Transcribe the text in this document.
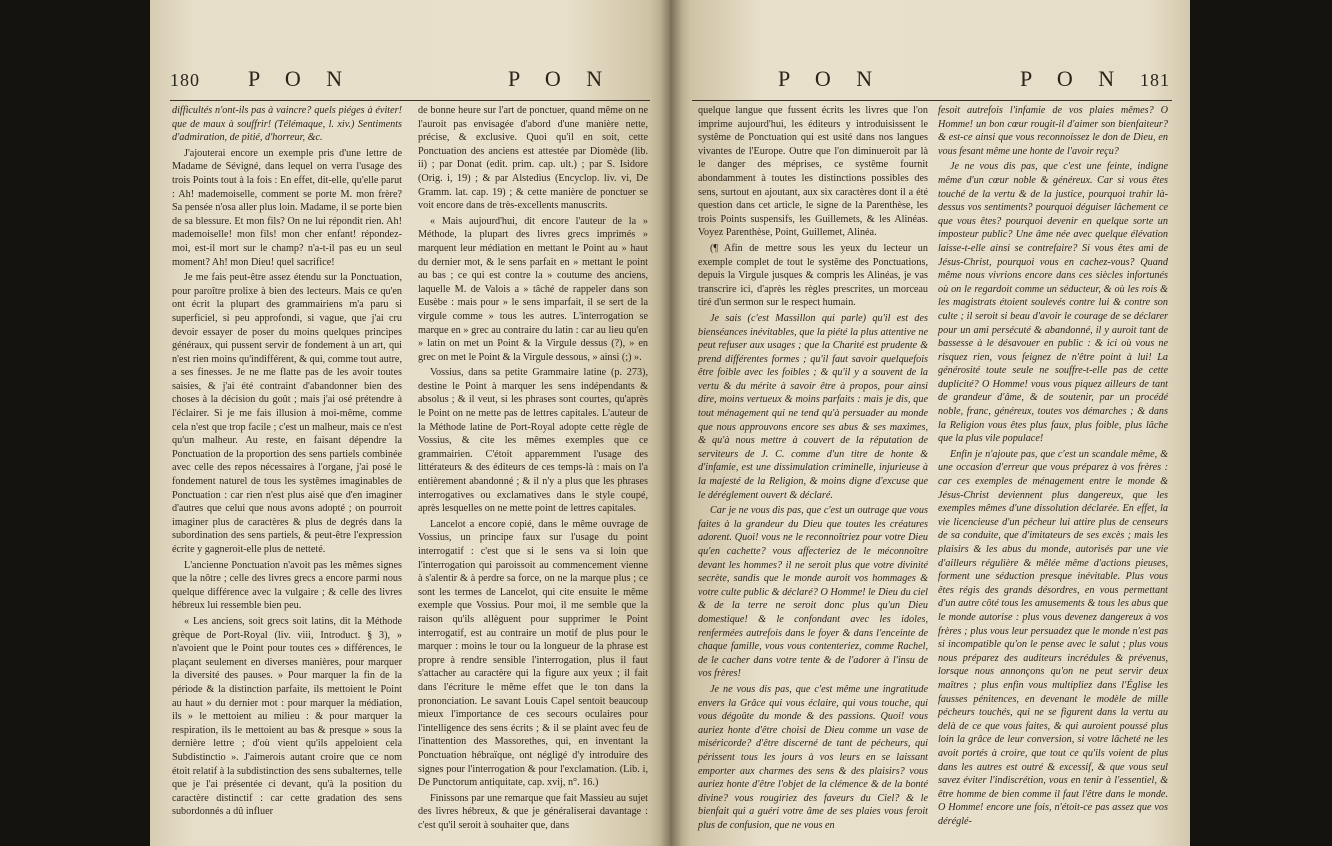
180 P O N	P O N

difficultés n'ont-ils pas à vaincre? quels piéges à éviter! que de maux à souffrir! (Télémaque, l. xiv.) Sentiments d'admiration, de pitié, d'horreur, &c.

J'ajouterai encore un exemple pris d'une lettre de Madame de Sévigné, dans lequel on verra l'usage des trois Points tout à la fois : En effet, dit-elle, qu'elle parut : Ah! mademoiselle, comment se porte M. mon frère? Sa pensée n'osa aller plus loin. Madame, il se porte bien de sa blessure. Et mon fils? On ne lui répondit rien. Ah! mademoiselle! mon fils! mon cher enfant! répondez-moi, est-il mort sur le champ? n'a-t-il pas eu un seul moment? Ah! mon Dieu! quel sacrifice!

Je me fais peut-être assez étendu sur la Ponctuation, pour paroître prolixe à bien des lecteurs. Mais ce qu'en ont écrit la plupart des grammairiens m'a paru si superficiel, si peu approfondi, si vague, que j'ai cru devoir essayer de poser du moins quelques principes généraux, qui pussent servir de fondement à un art, qui n'est rien moins qu'indifférent, & qui, comme tout autre, a ses finesses. Je ne me flatte pas de les avoir toutes saisies, & j'ai été contraint d'abandonner bien des choses à la décision du goût ; mais j'ai osé prétendre à l'éclairer. Si je me fais illusion à moi-même, comme cela n'est que trop facile ; c'est un malheur, mais ce n'est qu'un malheur. Au reste, en faisant dépendre la Ponctuation de la proportion des sens partiels combinée avec celle des repos nécessaires à l'organe, j'ai posé le fondement naturel de tous les systêmes imaginables de Ponctuation : car rien n'est plus aisé que d'en imaginer d'autres que celui que nous avons adopté ; on pourroit imaginer plus de caractères & plus de degrés dans la subordination des sens partiels, & peut-être l'expression écrite y gagneroit-elle plus de netteté.

L'ancienne Ponctuation n'avoit pas les mêmes signes que la nôtre ; celle des livres grecs a encore parmi nous quelque différence avec la vulgaire ; & celle des livres hébreux lui ressemble bien peu.

« Les anciens, soit grecs soit latins, dit la Méthode grèque de Port-Royal (liv. viii, Introduct. § 3), » n'avoient que le Point pour toutes ces » différences, le plaçant seulement en diverses manières, pour marquer la diversité des pauses. » Pour marquer la fin de la période & la distinction parfaite, ils mettoient le Point au haut » du dernier mot : pour marquer la médiation, ils » le mettoient au milieu : & pour marquer la respiration, ils le mettoient au bas & presque » sous la dernière lettre ; d'où vient qu'ils appeloient cela Subdistinctio ». J'aimerois autant croire que ce nom étoit relatif à la subdistinction des sens subalternes, telle que je l'ai présentée ci devant, qu'à la position du caractère distinctif : car cette gradation des sens subordonnés a dû influer

de bonne heure sur l'art de ponctuer, quand même on ne l'auroit pas envisagée d'abord d'une manière nette, précise, & exclusive. Quoi qu'il en soit, cette Ponctuation des anciens est attestée par Diomède (lib. ii) ; par Donat (edit. prim. cap. ult.) ; par S. Isidore (Orig. i, 19) ; & par Alstedius (Encyclop. liv. vi, De Gramm. lat. cap. 19) ; & cette manière de ponctuer se voit encore dans de très-excellents manuscrits.

« Mais aujourd'hui, dit encore l'auteur de la » Méthode, la plupart des livres grecs imprimés » marquent leur médiation en mettant le Point au » haut du dernier mot, & le sens parfait en » mettant le point au bas ; ce qui est contre la » coutume des anciens, laquelle M. de Valois a » tâché de rappeler dans son Eusèbe : mais pour » le sens imparfait, il se sert de la virgule comme » tous les autres. L'interrogation se marque en » grec au contraire du latin : car au lieu qu'en » latin on met un Point & la Virgule dessus (?), » en grec on met le Point & la Virgule dessous, » ainsi (;) ».

Vossius, dans sa petite Grammaire latine (p. 273), destine le Point à marquer les sens indépendants & absolus ; & il veut, si les phrases sont courtes, qu'après le Point on ne mette pas de lettres capitales. L'auteur de la Méthode latine de Port-Royal adopte cette règle de Vossius, & cite les mêmes exemples que ce grammairien. C'étoit apparemment l'usage des littérateurs & des éditeurs de ces temps-là : mais on l'a entièrement abandonné ; & il n'y a plus que les phrases interrogatives ou exclamatives dans le style coupé, après lesquelles on ne mette point de lettres capitales.

Lancelot a encore copié, dans le même ouvrage de Vossius, un principe faux sur l'usage du point interrogatif : c'est que si le sens va si loin que l'interrogation qui paroissoit au commencement vienne à s'alentir & à perdre sa force, on ne la marque plus ; ce sont les termes de Lancelot, qui cite ensuite le même exemple que Vossius. Pour moi, il me semble que la raison qu'ils allèguent pour supprimer le Point interrogatif, est au contraire un motif de plus pour le marquer : moins le tour ou la longueur de la phrase est propre à rendre sensible l'interrogation, plus il faut s'attacher au caractère qui la figure aux yeux ; il fait dans l'écriture le même effet que le ton dans la prononciation. Le savant Louis Capel sentoit beaucoup mieux l'importance de ces secours oculaires pour l'intelligence des sens écrits ; & il se plaint avec feu de l'inattention des Massorethes, qui, en inventant la Ponctuation hébraïque, ont négligé d'y introduire des signes pour l'interrogation & pour l'exclamation. (Lib. i, De Punctorum antiquitate, cap. xvij, n°. 16.)

Finissons par une remarque que fait Massieu au sujet des livres hébreux, & que je généraliserai davantage : c'est qu'il seroit à souhaiter que, dans

P O N	P O N 181

quelque langue que fussent écrits les livres que l'on imprime aujourd'hui, les éditeurs y introduisissent le systême de Ponctuation qui est usité dans nos langues vivantes de l'Europe. Outre que l'on diminueroit par là le danger des méprises, ce systême fournit abondamment à toutes les distinctions possibles des sens, surtout en ajoutant, aux six caractères dont il a été question dans cet article, le signe de la Parenthèse, les trois Points suspensifs, les Guillemets, & les Alinéas. Voyez Parenthèse, Point, Guillemet, Alinéa.

(¶ Afin de mettre sous les yeux du lecteur un exemple complet de tout le systême des Ponctuations, depuis la Virgule jusques & compris les Alinéas, je vas transcrire ici, d'après les règles prescrites, un morceau tiré d'un sermon sur le respect humain.

Je sais (c'est Massillon qui parle) qu'il est des bienséances inévitables, que la piété la plus attentive ne peut refuser aux usages ; que la Charité est prudente & prend différentes formes ; qu'il faut savoir quelquefois être foible avec les foibles ; & qu'il y a souvent de la vertu & du mérite à savoir être à propos, pour ainsi dire, moins vertueux & moins parfaits : mais je dis, que tout ménagement qui ne tend qu'à persuader au monde que nous approuvons encore ses abus & ses maximes, & qu'à nous mettre à couvert de la réputation de serviteurs de J. C. comme d'un titre de honte & d'infamie, est une dissimulation criminelle, injurieuse à la majesté de la Religion, & moins digne d'excuse que le déréglement ouvert & déclaré.

Car je ne vous dis pas, que c'est un outrage que vous faites à la grandeur du Dieu que toutes les créatures adorent. Quoi! vous ne le reconnoîtriez pour votre Dieu qu'en cachette? vous affecteriez de le méconnoître devant les hommes? il ne seroit plus que votre divinité secrète, sandis que le monde auroit vos hommages & votre culte public & déclaré? O Homme! le Dieu du ciel & de la terre ne seroit donc plus qu'un Dieu domestique! & le confondant avec les idoles, renfermées autrefois dans le foyer & dans l'enceinte de chaque famille, vous vous contenteriez, comme Rachel, de le cacher dans votre tente & de l'adorer à l'insu de vos frères!

Je ne vous dis pas, que c'est même une ingratitude envers la Grâce qui vous éclaire, qui vous touche, qui vous dégoûte du monde & des passions. Quoi! vous auriez honte d'être choisi de Dieu comme un vase de miséricorde? d'être discerné de tant de pécheurs, qui périssent tous les jours à vos leurs en se laissant emporter aux charmes des sens & des plaisirs? vous auriez honte d'être l'objet de la clémence & de la bonté divine? vous rougiriez des faveurs du Ciel? & le bienfait qui a guéri votre âme de ses plaies vous feroit plus de confusion, que ne vous en

fesoit autrefois l'infamie de vos plaies mêmes? O Homme! un bon cœur rougit-il d'aimer son bienfaiteur? & est-ce ainsi que vous reconnoissez le don de Dieu, en vous fesant même une honte de l'avoir reçu?

Je ne vous dis pas, que c'est une feinte, indigne même d'un cœur noble & généreux. Car si vous êtes touché de la vertu & de la justice, pourquoi trahir là-dessus vos sentiments? pourquoi déguiser lâchement ce que vous êtes? pourquoi devenir en quelque sorte un imposteur public? Une âme née avec quelque élévation laisse-t-elle ainsi se contrefaire? Si vous êtes ami de Jésus-Christ, pourquoi vous en cachez-vous? Quand même nous vivrions encore dans ces siècles infortunés où on le regardoit comme un séducteur, & où les rois & les magistrats étoient soulevés contre lui & contre son culte ; il seroit si beau d'avoir le courage de se déclarer pour un ami persécuté & abandonné, il y auroit tant de bassesse à le désavouer en public : & ici où vous ne risquez rien, vous feignez de n'être point à lui! La générosité toute seule ne souffre-t-elle pas de cette duplicité? O Homme! vous vous piquez ailleurs de tant de grandeur d'âme, & de soutenir, par un procédé noble, franc, généreux, toutes vos démarches ; & dans la Religion vous êtes plus faux, plus foible, plus lâche que la plus vile populace!

Enfin je n'ajoute pas, que c'est un scandale même, & une occasion d'erreur que vous préparez à vos frères : car ces exemples de ménagement entre le monde & Jésus-Christ deviennent plus dangereux, que les exemples mêmes d'une dissolution déclarée. En effet, la vie licencieuse d'un pécheur lui attire plus de censeurs de sa conduite, que d'imitateurs de ses excès ; mais les plaisirs & les abus du monde, autorisés par une vie d'ailleurs régulière & mêlée même d'actions pieuses, forment une séduction presque inévitable. Plus vous êtes régis des grands désordres, en vous permettant d'un autre côté tous les amusements & tous les abus que le monde autorise : plus vous devenez dangereux à vos frères ; plus vous leur persuadez que le monde n'est pas si incompatible qu'on le pense avec le salut ; plus vous nous préparez des auditeurs incrédules & prévenus, lorsque nous annonçons qu'on ne peut servir deux maîtres ; plus enfin vous multipliez dans l'Église les fausses pénitences, en devenant le modèle de mille pécheurs touchés, qui ne se figurent dans la vertu au delà de ce que vous faites, & qui auroient poussé plus loin la grâce de leur conversion, si votre lâcheté ne les avoit portés à croire, que tout ce qu'ils voient de plus dans les autres est outré & excessif, & que vous seul savez éviter l'indiscrétion, vous en tenir à l'essentiel, & être homme de bien comme il faut l'être dans le monde. O Homme! encore une fois, n'étoit-ce pas assez que vos déréglé-
